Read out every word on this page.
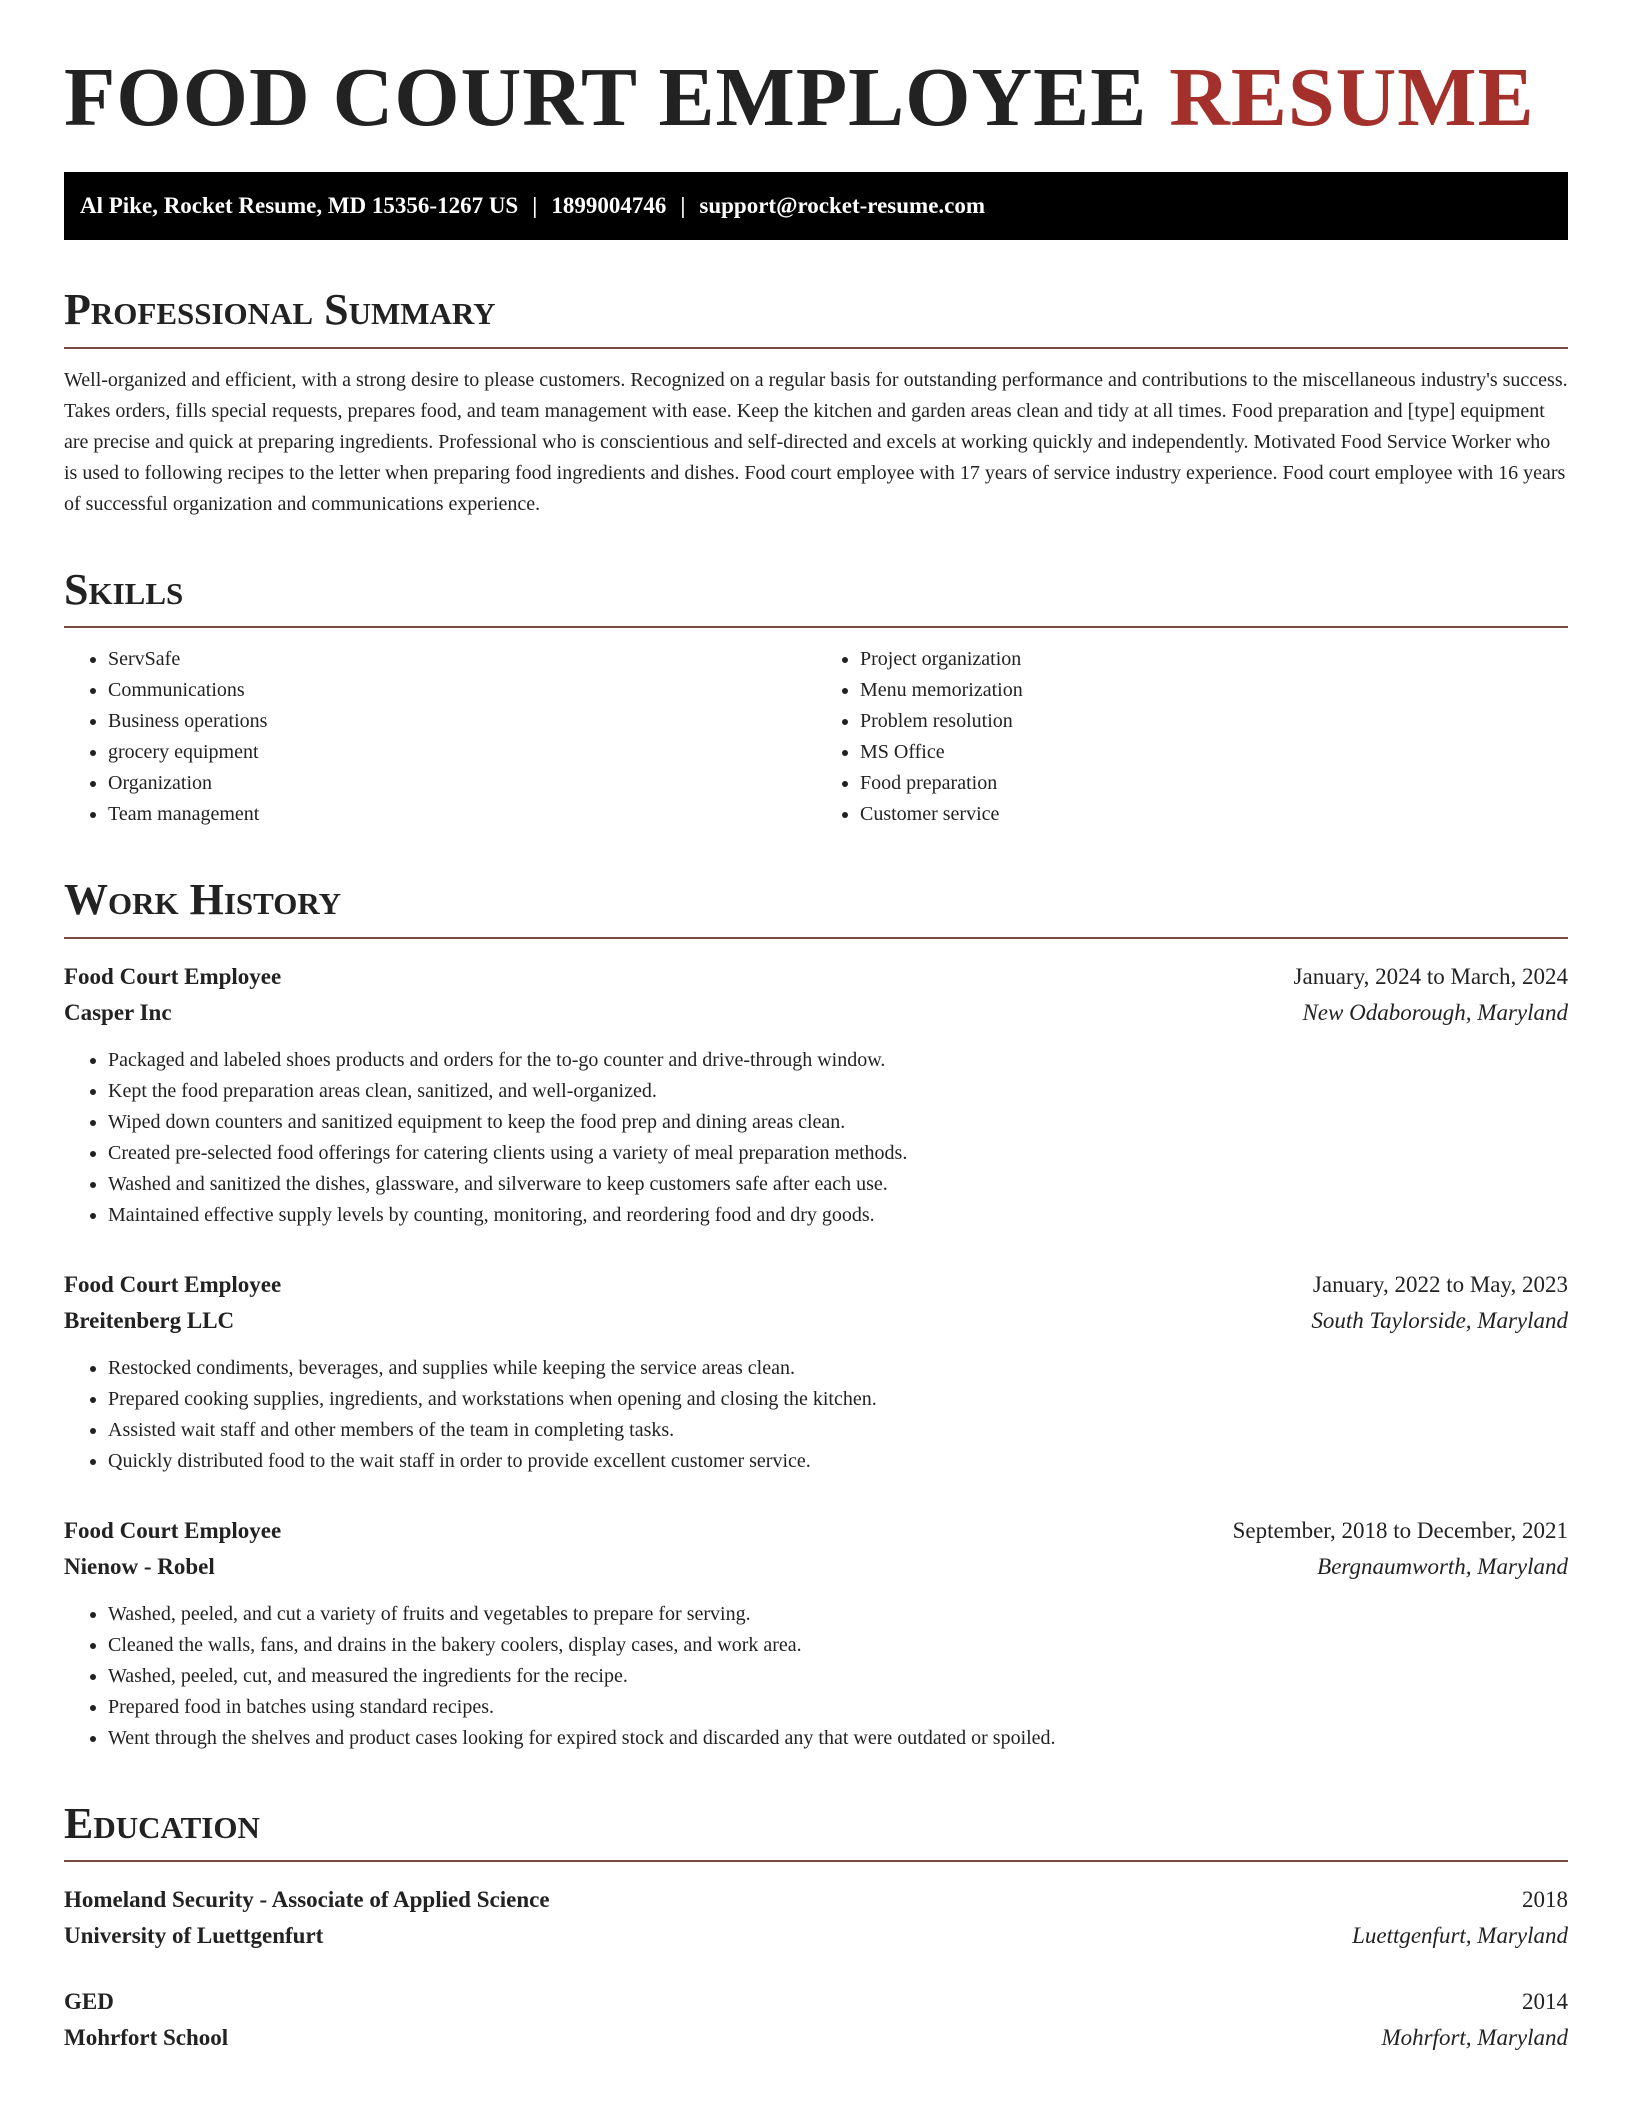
FOOD COURT EMPLOYEE RESUME
Al Pike, Rocket Resume, MD 15356-1267 US | 1899004746 | support@rocket-resume.com
Professional Summary

Well-organized and efficient, with a strong desire to please customers. Recognized on a regular basis for outstanding performance and contributions to the miscellaneous industry's success. Takes orders, fills special requests, prepares food, and team management with ease. Keep the kitchen and garden areas clean and tidy at all times. Food preparation and [type] equipment are precise and quick at preparing ingredients. Professional who is conscientious and self-directed and excels at working quickly and independently. Motivated Food Service Worker who is used to following recipes to the letter when preparing food ingredients and dishes. Food court employee with 17 years of service industry experience. Food court employee with 16 years of successful organization and communications experience.

Skills
• ServSafe
• Communications
• Business operations
• grocery equipment
• Organization
• Team management
• Project organization
• Menu memorization
• Problem resolution
• MS Office
• Food preparation
• Customer service
Work History
Food Court Employee	January, 2024 to March, 2024
Casper Inc	New Odaborough, Maryland
• Packaged and labeled shoes products and orders for the to-go counter and drive-through window.
• Kept the food preparation areas clean, sanitized, and well-organized.
• Wiped down counters and sanitized equipment to keep the food prep and dining areas clean.
• Created pre-selected food offerings for catering clients using a variety of meal preparation methods.
• Washed and sanitized the dishes, glassware, and silverware to keep customers safe after each use.
• Maintained effective supply levels by counting, monitoring, and reordering food and dry goods.
Food Court Employee	January, 2022 to May, 2023
Breitenberg LLC	South Taylorside, Maryland
• Restocked condiments, beverages, and supplies while keeping the service areas clean.
• Prepared cooking supplies, ingredients, and workstations when opening and closing the kitchen.
• Assisted wait staff and other members of the team in completing tasks.
• Quickly distributed food to the wait staff in order to provide excellent customer service.
Food Court Employee	September, 2018 to December, 2021
Nienow - Robel	Bergnaumworth, Maryland
• Washed, peeled, and cut a variety of fruits and vegetables to prepare for serving.
• Cleaned the walls, fans, and drains in the bakery coolers, display cases, and work area.
• Washed, peeled, cut, and measured the ingredients for the recipe.
• Prepared food in batches using standard recipes.
• Went through the shelves and product cases looking for expired stock and discarded any that were outdated or spoiled.
Education
Homeland Security - Associate of Applied Science	2018
University of Luettgenfurt	Luettgenfurt, Maryland
GED	2014
Mohrfort School	Mohrfort, Maryland
